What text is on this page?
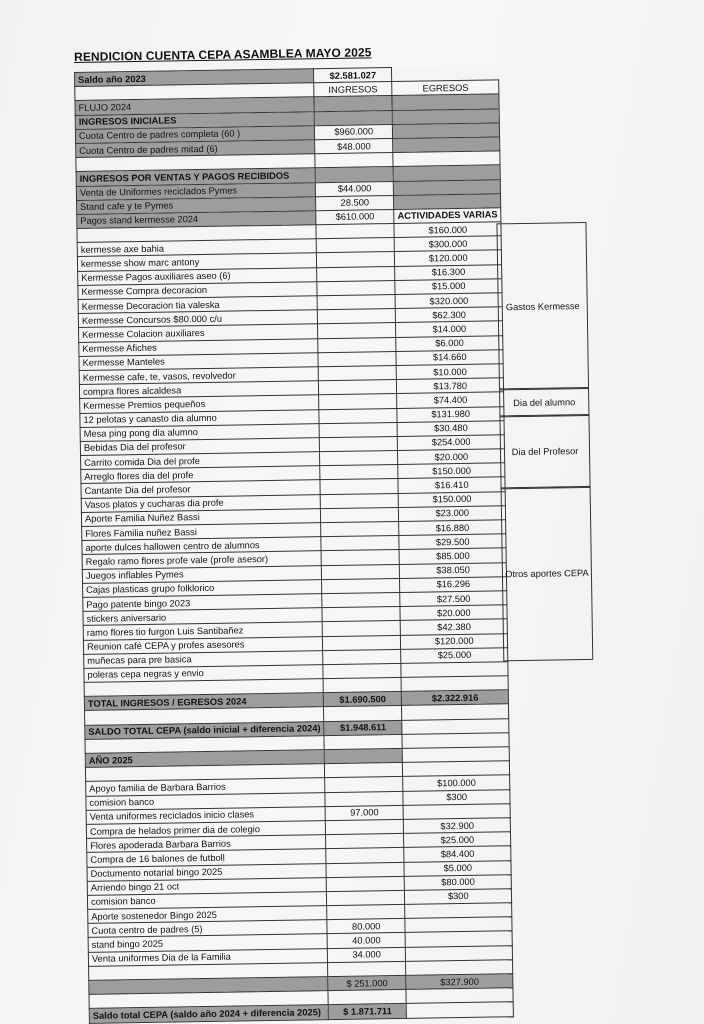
RENDICION CUENTA CEPA ASAMBLEA MAYO 2025
Saldo año 2023	$2.581.027	
	INGRESOS	EGRESOS
FLUJO 2024		
INGRESOS INICIALES		
Cuota Centro de padres completa (60 )	$960.000	
Cuota Centro de padres mitad (6)	$48.000	

INGRESOS POR VENTAS Y PAGOS RECIBIDOS		
Venta de Uniformes reciclados Pymes	$44.000	
Stand cafe y te Pymes	28.500	
Pagos stand kermesse 2024	$610.000	ACTIVIDADES VARIAS
		$160.000
kermesse axe bahia		$300.000
kermesse show marc antony		$120.000
Kermesse Pagos auxiliares aseo (6)		$16.300
Kermesse Compra decoracion		$15.000
Kermesse Decoracion tia valeska		$320.000
Kermesse Concursos $80.000 c/u		$62.300
Kermesse Colacion auxiliares		$14.000
Kermesse Afiches		$6.000
Kermesse Manteles		$14.660
Kermesse cafe, te, vasos, revolvedor		$10.000
compra flores alcaldesa		$13.780
Kermesse Premios pequeños		$74.400
12 pelotas y canasto dia alumno		$131.980
Mesa ping pong dia alumno		$30.480
Bebidas Dia del profesor		$254.000
Carrito comida Dia del profe		$20.000
Arreglo flores dia del profe		$150.000
Cantante Dia del profesor		$16.410
Vasos platos y cucharas dia profe		$150.000
Aporte Familia Nuñez Bassi		$23.000
Flores Familia nuñez Bassi		$16.880
aporte dulces hallowen centro de alumnos		$29.500
Regalo ramo flores profe vale (profe asesor)		$85.000
Juegos inflables Pymes		$38.050
Cajas plasticas grupo folklorico		$16.296
Pago patente bingo 2023		$27.500
stickers aniversario		$20.000
ramo flores tio furgon Luis Santibañez		$42.380
Reunion café CEPA y profes asesores		$120.000
muñecas para pre basica		$25.000
poleras cepa negras y envio		

TOTAL INGRESOS / EGRESOS 2024	$1.690.500	$2.322.916

SALDO TOTAL CEPA (saldo inicial + diferencia 2024)	$1.948.611	

AÑO 2025		

Apoyo familia de Barbara Barrios		$100.000
comision banco		$300
Venta uniformes reciclados inicio clases	97.000	
Compra de helados primer dia de colegio		$32.900
Flores apoderada Barbara Barrios		$25.000
Compra de 16 balones de futboll		$84.400
Doctumento notarial bingo 2025		$5.000
Arriendo bingo 21 oct		$80.000
comision banco		$300
Aporte sostenedor Bingo 2025		
Cuota centro de padres (5)	80.000	
stand bingo 2025	40.000	
Venta uniformes Dia de la Familia	34.000	

	$ 251.000	$327.900

Saldo total CEPA (saldo año 2024 + diferencia 2025)	$ 1.871.711	
Gastos Kermesse
Dia del alumno
Dia del Profesor
Otros aportes CEPA
